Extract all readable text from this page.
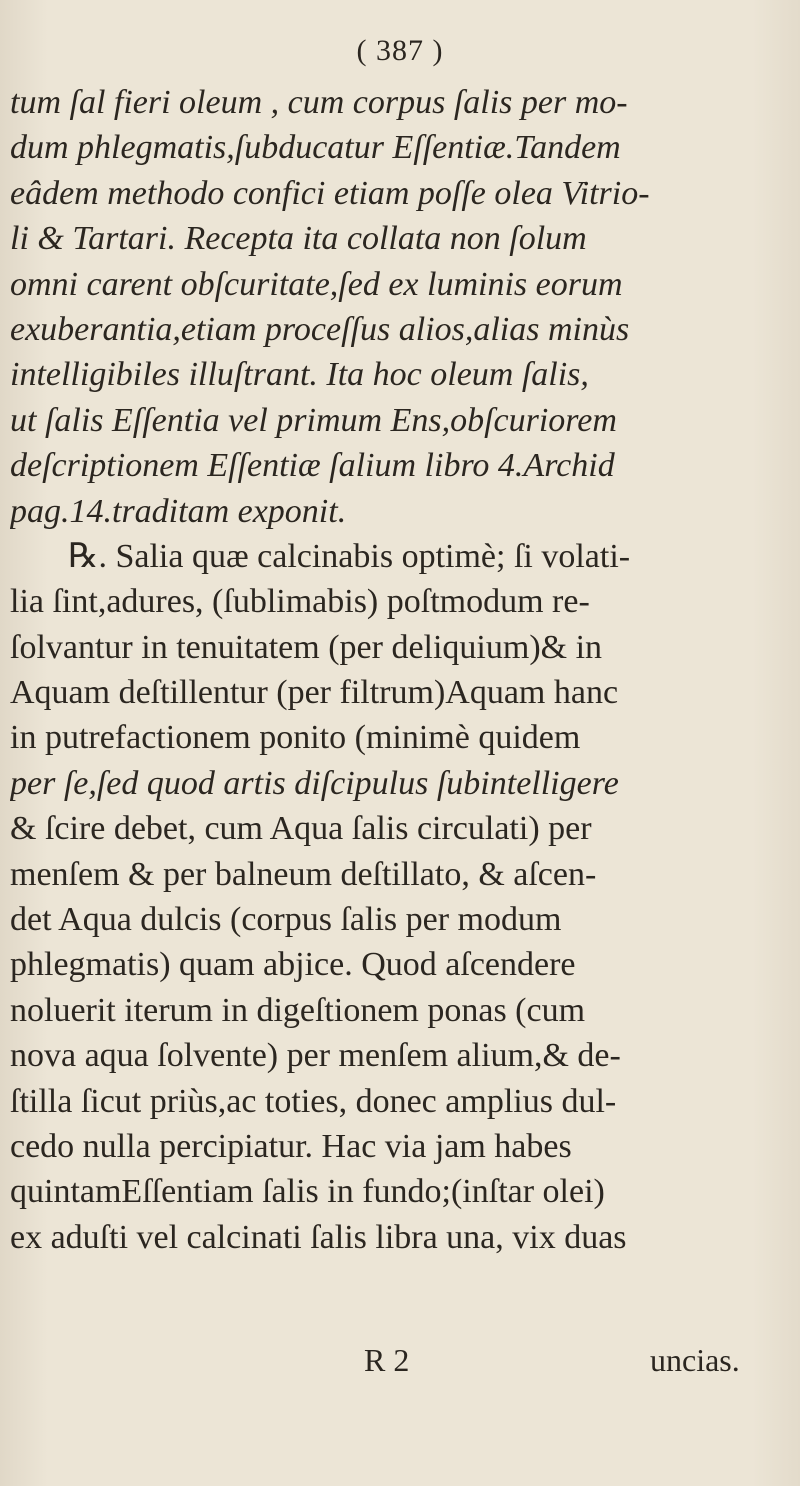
( 387 )
tum ſal fieri oleum , cum corpus ſalis per mo-
dum phlegmatis,ſubducatur Eſſentiæ.Tandem
eâdem methodo confici etiam poſſe olea Vitrio-
li & Tartari. Recepta ita collata non ſolum
omni carent obſcuritate,ſed ex luminis eorum
exuberantia,etiam proceſſus alios,alias minùs
intelligibiles illuſtrant. Ita hoc oleum ſalis,
ut ſalis Eſſentia vel primum Ens,obſcuriorem
deſcriptionem Eſſentiæ ſalium libro 4.Archid
pag.14.traditam exponit.
℞. Salia quæ calcinabis optimè; ſi volati-
lia ſint,adures, (ſublimabis) poſtmodum re-
ſolvantur in tenuitatem (per deliquium)& in
Aquam deſtillentur (per filtrum)Aquam hanc
in putrefactionem ponito (minimè quidem
per ſe,ſed quod artis diſcipulus ſubintelligere
& ſcire debet, cum Aqua ſalis circulati) per
menſem & per balneum deſtillato, & aſcen-
det Aqua dulcis (corpus ſalis per modum
phlegmatis) quam abjice. Quod aſcendere
noluerit iterum in digeſtionem ponas (cum
nova aqua ſolvente) per menſem alium,& de-
ſtilla ſicut priùs,ac toties, donec amplius dul-
cedo nulla percipiatur. Hac via jam habes
quintamEſſentiam ſalis in fundo;(inſtar olei)
ex aduſti vel calcinati ſalis libra una, vix duas
R 2	uncias.
